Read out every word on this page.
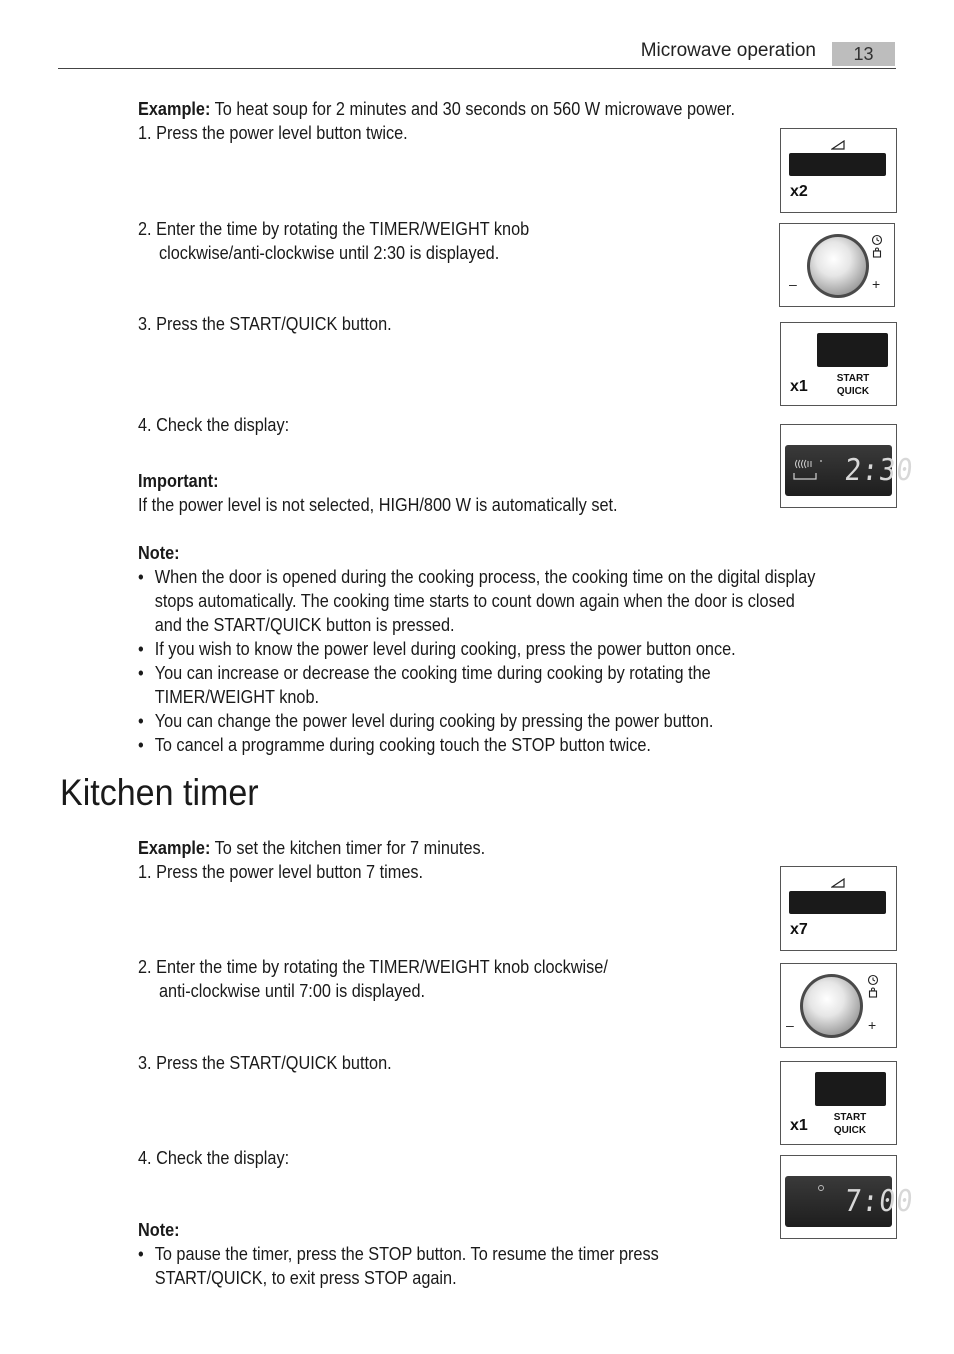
Microwave operation	13
Example: To heat soup for 2 minutes and 30 seconds on 560 W microwave power.
1. Press the power level button twice.
2. Enter the time by rotating the TIMER/WEIGHT knob
clockwise/anti-clockwise until 2:30 is displayed.
3. Press the START/QUICK button.
4. Check the display:
Important:
If the power level is not selected, HIGH/800 W is automatically set.
Note:
• When the door is opened during the cooking process, the cooking time on the digital display stops automatically. The cooking time starts to count down again when the door is closed and the START/QUICK button is pressed.
• If you wish to know the power level during cooking, press the power button once.
• You can increase or decrease the cooking time during cooking by rotating the TIMER/WEIGHT knob.
• You can change the power level during cooking by pressing the power button.
• To cancel a programme during cooking touch the STOP button twice.
x2
–	+
x1	START
QUICK
2:30
Kitchen timer
Example: To set the kitchen timer for 7 minutes.
1. Press the power level button 7 times.
2. Enter the time by rotating the TIMER/WEIGHT knob clockwise/
anti-clockwise until 7:00 is displayed.
3. Press the START/QUICK button.
4. Check the display:
Note:
• To pause the timer, press the STOP button. To resume the timer press START/QUICK, to exit press STOP again.
x7
–	+
x1	START
QUICK
7:00
